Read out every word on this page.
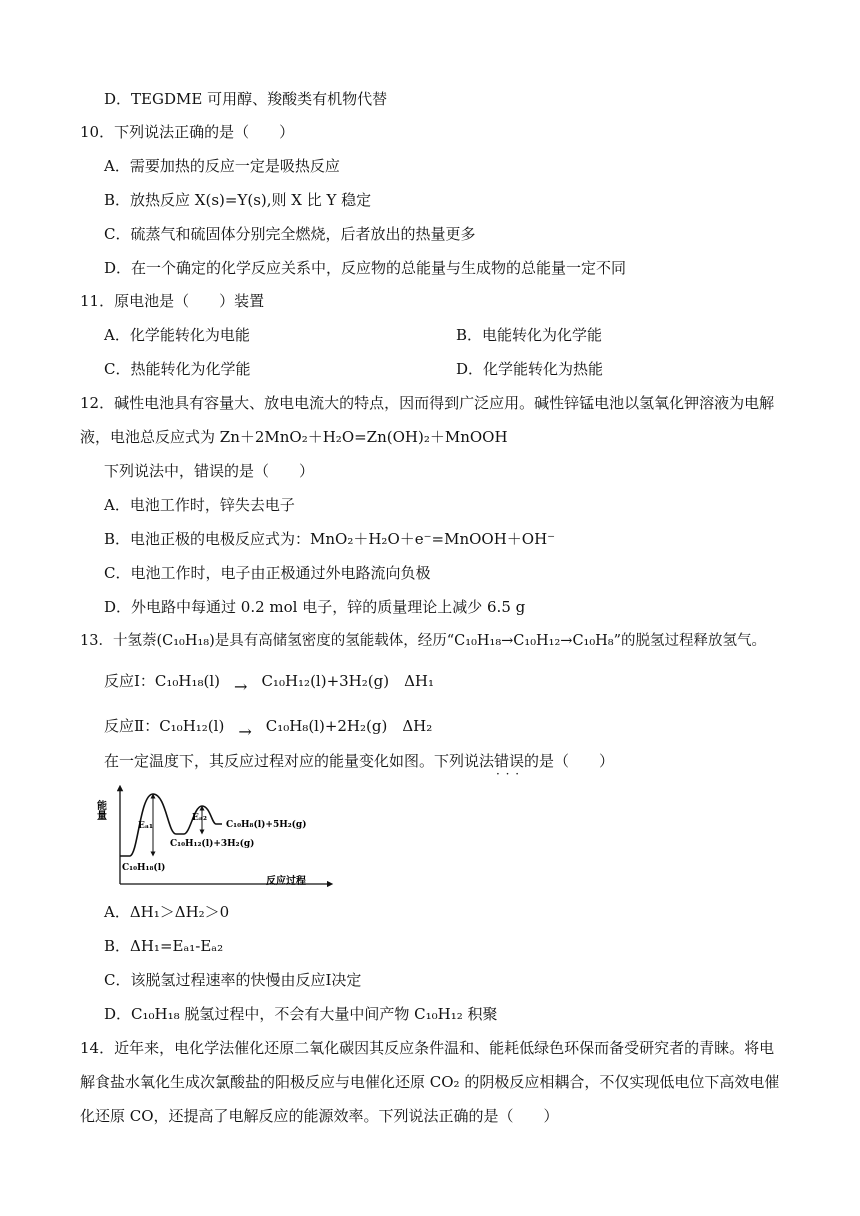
D．TEGDME 可用醇、羧酸类有机物代替
10．下列说法正确的是（　　）
A．需要加热的反应一定是吸热反应
B．放热反应 X(s)=Y(s),则 X 比 Y 稳定
C．硫蒸气和硫固体分别完全燃烧，后者放出的热量更多
D．在一个确定的化学反应关系中，反应物的总能量与生成物的总能量一定不同
11．原电池是（　　）装置
A．化学能转化为电能	B．电能转化为化学能
C．热能转化为化学能	D．化学能转化为热能
12．碱性电池具有容量大、放电电流大的特点，因而得到广泛应用。碱性锌锰电池以氢氧化钾溶液为电解
液，电池总反应式为 Zn＋2MnO₂＋H₂O=Zn(OH)₂＋MnOOH
下列说法中，错误的是（　　）
A．电池工作时，锌失去电子
B．电池正极的电极反应式为：MnO₂＋H₂O＋e⁻=MnOOH＋OH⁻
C．电池工作时，电子由正极通过外电路流向负极
D．外电路中每通过 0.2 mol 电子，锌的质量理论上减少 6.5 g
13．十氢萘(C₁₀H₁₈)是具有高储氢密度的氢能载体，经历“C₁₀H₁₈→C₁₀H₁₂→C₁₀H₈”的脱氢过程释放氢气。
反应Ⅰ：C₁₀H₁₈(l) → C₁₀H₁₂(l)+3H₂(g)　ΔH₁
反应Ⅱ：C₁₀H₁₂(l) → C₁₀H₈(l)+2H₂(g)　ΔH₂
在一定温度下，其反应过程对应的能量变化如图。下列说法错误 · · ·的是（　　）
能量
反应过程
Eₐ₁
Eₐ₂
C₁₀H₈(l)+5H₂(g)
C₁₀H₁₂(l)+3H₂(g)
C₁₀H₁₈(l)
A．ΔH₁＞ΔH₂＞0
B．ΔH₁=Eₐ₁-Eₐ₂
C．该脱氢过程速率的快慢由反应Ⅰ决定
D．C₁₀H₁₈ 脱氢过程中，不会有大量中间产物 C₁₀H₁₂ 积聚
14．近年来，电化学法催化还原二氧化碳因其反应条件温和、能耗低绿色环保而备受研究者的青睐。将电
解食盐水氧化生成次氯酸盐的阳极反应与电催化还原 CO₂ 的阴极反应相耦合，不仅实现低电位下高效电催
化还原 CO，还提高了电解反应的能源效率。下列说法正确的是（　　）
